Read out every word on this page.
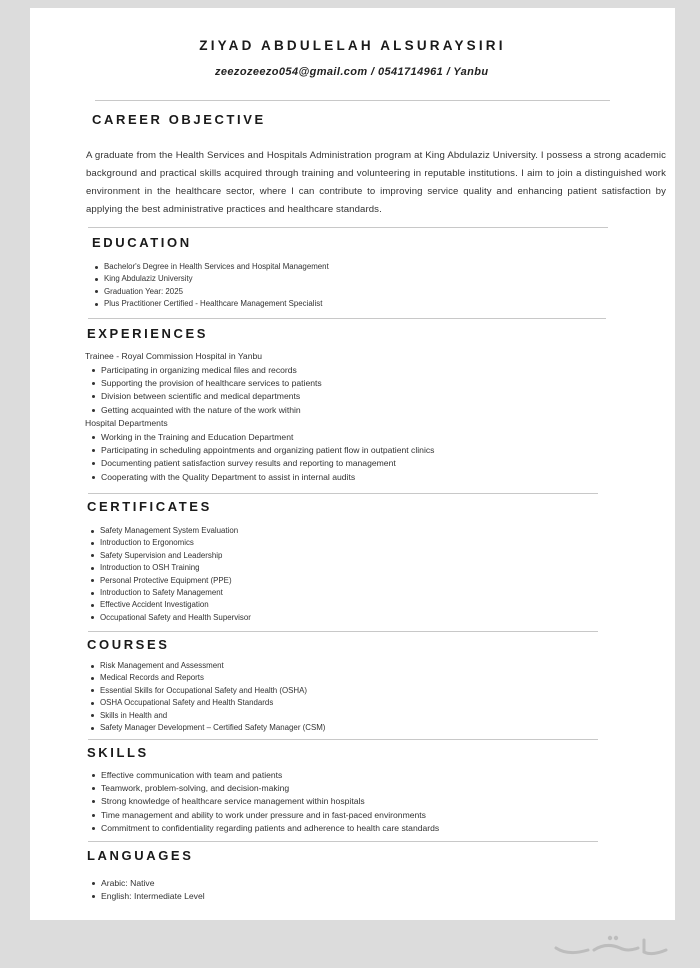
ZIYAD ABDULELAH ALSURAYSIRI
zeezozeezo054@gmail.com / 0541714961 / Yanbu
CAREER OBJECTIVE
A graduate from the Health Services and Hospitals Administration program at King Abdulaziz University. I possess a strong academic background and practical skills acquired through training and volunteering in reputable institutions. I aim to join a distinguished work environment in the healthcare sector, where I can contribute to improving service quality and enhancing patient satisfaction by applying the best administrative practices and healthcare standards.
EDUCATION
Bachelor's Degree in Health Services and Hospital Management
King Abdulaziz University
Graduation Year: 2025
Plus Practitioner Certified - Healthcare Management Specialist
EXPERIENCES
Trainee - Royal Commission Hospital in Yanbu
Participating in organizing medical files and records
Supporting the provision of healthcare services to patients
Division between scientific and medical departments
Getting acquainted with the nature of the work within
Hospital Departments
Working in the Training and Education Department
Participating in scheduling appointments and organizing patient flow in outpatient clinics
Documenting patient satisfaction survey results and reporting to management
Cooperating with the Quality Department to assist in internal audits
CERTIFICATES
Safety Management System Evaluation
Introduction to Ergonomics
Safety Supervision and Leadership
Introduction to OSH Training
Personal Protective Equipment (PPE)
Introduction to Safety Management
Effective Accident Investigation
Occupational Safety and Health Supervisor
COURSES
Risk Management and Assessment
Medical Records and Reports
Essential Skills for Occupational Safety and Health (OSHA)
OSHA Occupational Safety and Health Standards
Skills in Health and
Safety Manager Development – Certified Safety Manager (CSM)
SKILLS
Effective communication with team and patients
Teamwork, problem-solving, and decision-making
Strong knowledge of healthcare service management within hospitals
Time management and ability to work under pressure and in fast-paced environments
Commitment to confidentiality regarding patients and adherence to health care standards
LANGUAGES
Arabic: Native
English: Intermediate Level
